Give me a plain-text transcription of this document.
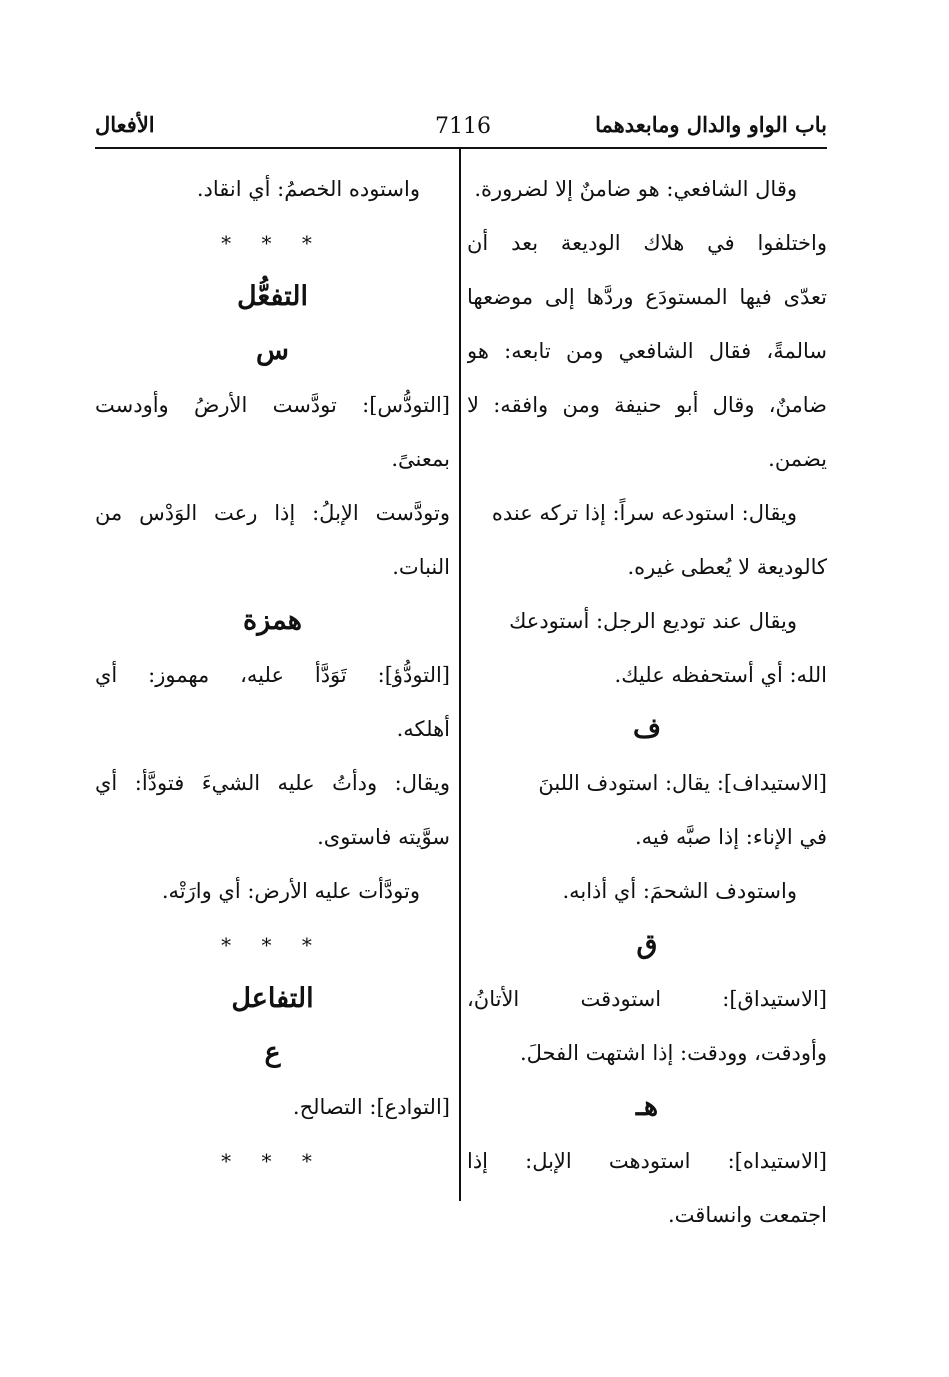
باب الواو والدال ومابعدهما
7116
الأفعال
وقال الشافعي: هو ضامنٌ إلا لضرورة.
واختلفوا في هلاك الوديعة بعد أن
تعدّى فيها المستودَع وردَّها إلى موضعها
سالمةً، فقال الشافعي ومن تابعه: هو
ضامنٌ، وقال أبو حنيفة ومن وافقه: لا
يضمن.
ويقال: استودعه سراً: إذا تركه عنده
كالوديعة لا يُعطى غيره.
ويقال عند توديع الرجل: أستودعك
الله: أي أستحفظه عليك.
ف
[الاستيداف]: يقال: استودف اللبنَ
في الإناء: إذا صبَّه فيه.
واستودف الشحمَ: أي أذابه.
ق
[الاستيداق]: استودقت الأتانُ،
وأودقت، وودقت: إذا اشتهت الفحلَ.
هـ
[الاستيداه]: استودهت الإبل: إذا
اجتمعت وانساقت.
واستوده الخصمُ: أي انقاد.
* * *
التفعُّل
س
[التودُّس]: تودَّست الأرضُ وأودست
بمعنىً.
وتودَّست الإبلُ: إذا رعت الوَدْس من
النبات.
همزة
[التودُّؤ]: تَوَدَّأ عليه، مهموز: أي
أهلكه.
ويقال: ودأتُ عليه الشيءَ فتودَّأ: أي
سوَّيته فاستوى.
وتودَّأت عليه الأرض: أي وارَتْه.
* * *
التفاعل
ع
[التوادع]: التصالح.
* * *
